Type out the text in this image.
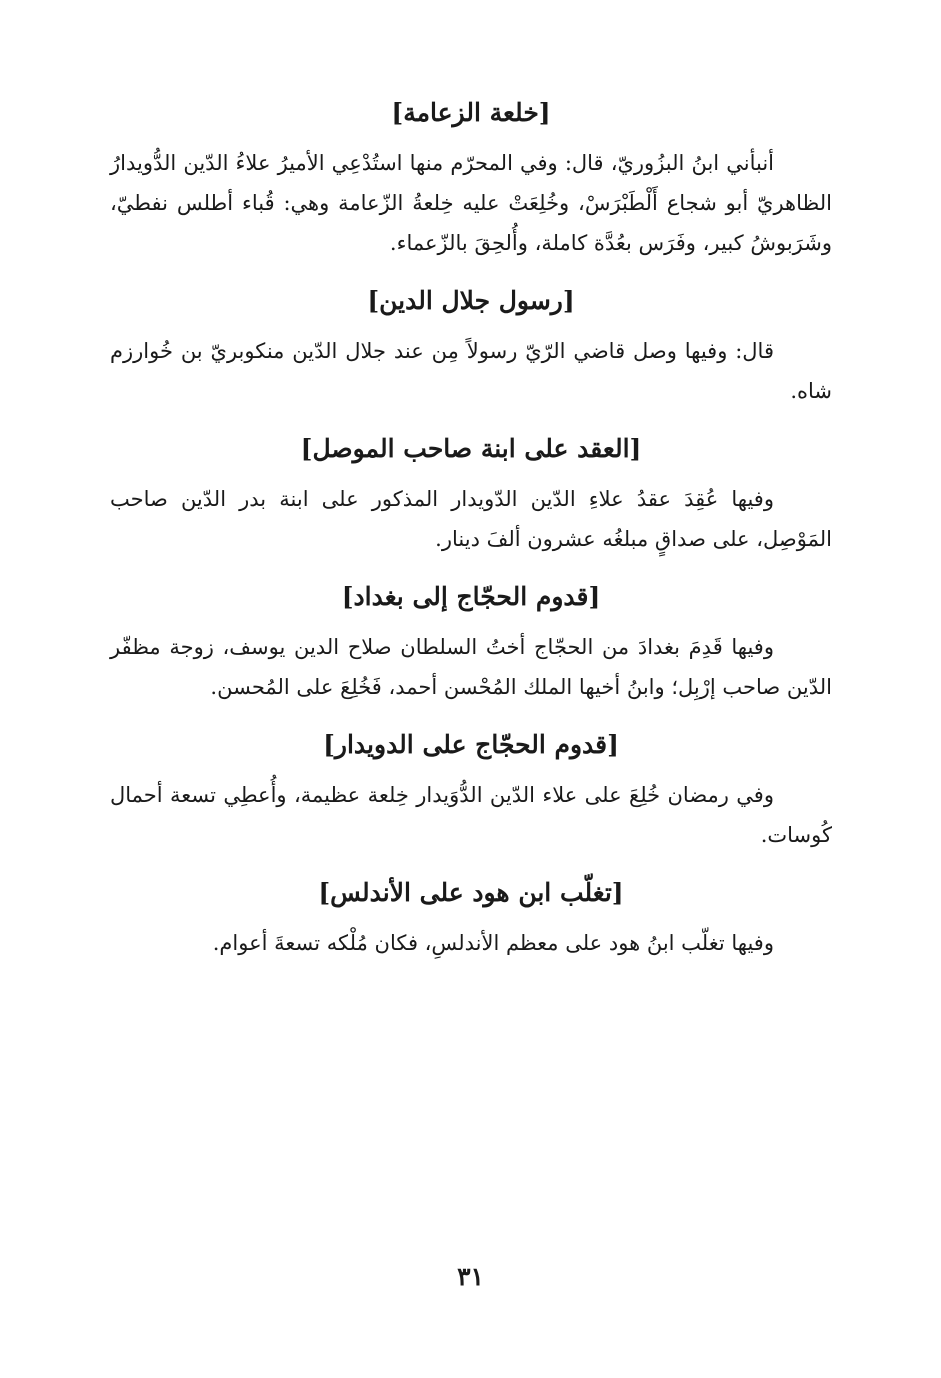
[خلعة الزعامة]

أنبأني ابنُ البزُوريّ، قال: وفي المحرّم منها استُدْعِي الأميرُ علاءُ الدّين الدُّويدارُ الظاهريّ أبو شجاع أَلْطَبْرَسْ، وخُلِعَتْ عليه خِلعةُ الزّعامة وهي: قُباء أطلس نفطيّ، وشَرَبوشُ كبير، وفَرَس بعُدَّة كاملة، وأُلحِقَ بالزّعماء.

[رسول جلال الدين]

قال: وفيها وصل قاضي الرّيّ رسولاً مِن عند جلال الدّين منكوبريّ بن خُوارزم شاه.

[العقد على ابنة صاحب الموصل]

وفيها عُقِدَ عقدُ علاءِ الدّين الدّويدار المذكور على ابنة بدر الدّين صاحب المَوْصِل، على صداقٍ مبلغُه عشرون ألفَ دينار.

[قدوم الحجّاج إلى بغداد]

وفيها قَدِمَ بغدادَ من الحجّاج أختُ السلطان صلاح الدين يوسف، زوجة مظفّر الدّين صاحب إرْبِل؛ وابنُ أخيها الملك المُحْسن أحمد، فَخُلِعَ على المُحسن.

[قدوم الحجّاج على الدويدار]

وفي رمضان خُلِعَ على علاء الدّين الدُّوَيدار خِلعة عظيمة، وأُعطِي تسعة أحمال كُوسات.

[تغلّب ابن هود على الأندلس]

وفيها تغلّب ابنُ هود على معظم الأندلسِ، فكان مُلْكه تسعةَ أعوام.

٣١
